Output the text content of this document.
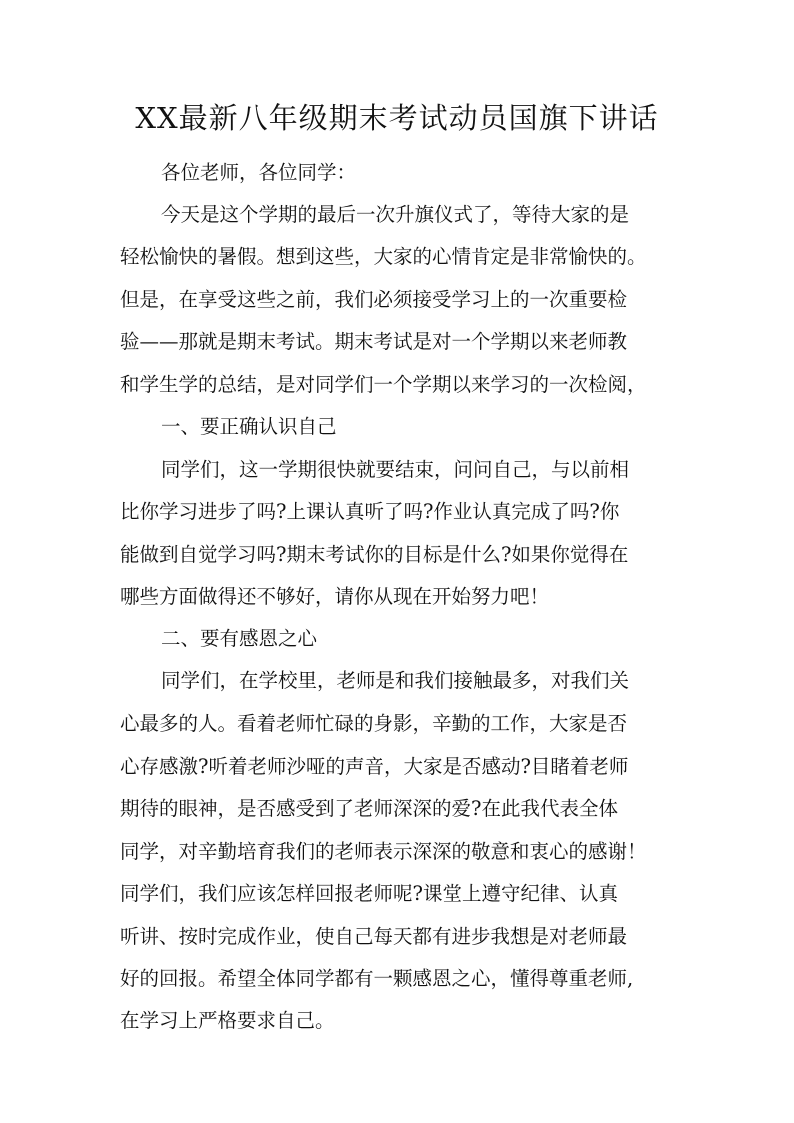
XX最新八年级期末考试动员国旗下讲话
各位老师，各位同学：
今天是这个学期的最后一次升旗仪式了，等待大家的是
轻松愉快的暑假。想到这些，大家的心情肯定是非常愉快的。
但是，在享受这些之前，我们必须接受学习上的一次重要检
验——那就是期末考试。期末考试是对一个学期以来老师教
和学生学的总结，是对同学们一个学期以来学习的一次检阅，
一、要正确认识自己
同学们，这一学期很快就要结束，问问自己，与以前相
比你学习进步了吗?上课认真听了吗?作业认真完成了吗?你
能做到自觉学习吗?期末考试你的目标是什么?如果你觉得在
哪些方面做得还不够好，请你从现在开始努力吧！
二、要有感恩之心
同学们，在学校里，老师是和我们接触最多，对我们关
心最多的人。看着老师忙碌的身影，辛勤的工作，大家是否
心存感激?听着老师沙哑的声音，大家是否感动?目睹着老师
期待的眼神，是否感受到了老师深深的爱?在此我代表全体
同学，对辛勤培育我们的老师表示深深的敬意和衷心的感谢！
同学们，我们应该怎样回报老师呢?课堂上遵守纪律、认真
听讲、按时完成作业，使自己每天都有进步我想是对老师最
好的回报。希望全体同学都有一颗感恩之心，懂得尊重老师,
在学习上严格要求自己。
